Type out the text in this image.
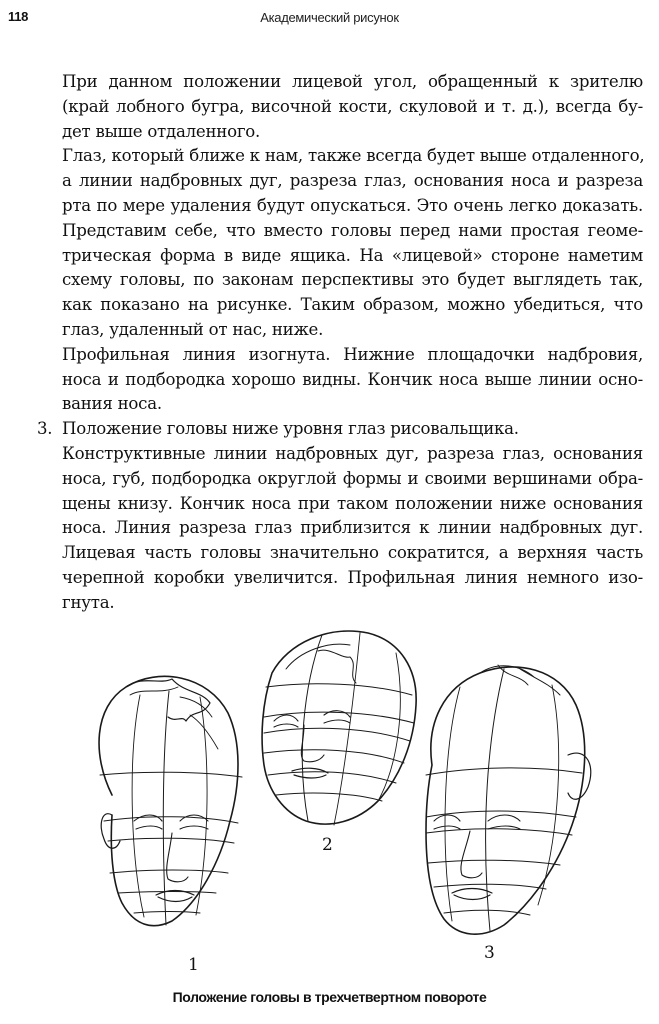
118	Академический рисунок
При данном положении лицевой угол, обращенный к зрителю
(край лобного бугра, височной кости, скуловой и т. д.), всегда бу-
дет выше отдаленного.
Глаз, который ближе к нам, также всегда будет выше отдаленного,
а линии надбровных дуг, разреза глаз, основания носа и разреза
рта по мере удаления будут опускаться. Это очень легко доказать.
Представим себе, что вместо головы перед нами простая геоме-
трическая форма в виде ящика. На «лицевой» стороне наметим
схему головы, по законам перспективы это будет выглядеть так,
как показано на рисунке. Таким образом, можно убедиться, что
глаз, удаленный от нас, ниже.
Профильная линия изогнута. Нижние площадочки надбровия,
носа и подбородка хорошо видны. Кончик носа выше линии осно-
вания носа.
3. Положение головы ниже уровня глаз рисовальщика.
Конструктивные линии надбровных дуг, разреза глаз, основания
носа, губ, подбородка округлой формы и своими вершинами обра-
щены книзу. Кончик носа при таком положении ниже основания
носа. Линия разреза глаз приблизится к линии надбровных дуг.
Лицевая часть головы значительно сократится, а верхняя часть
черепной коробки увеличится. Профильная линия немного изо-
гнута.
1
2
3
Положение головы в трехчетвертном повороте
